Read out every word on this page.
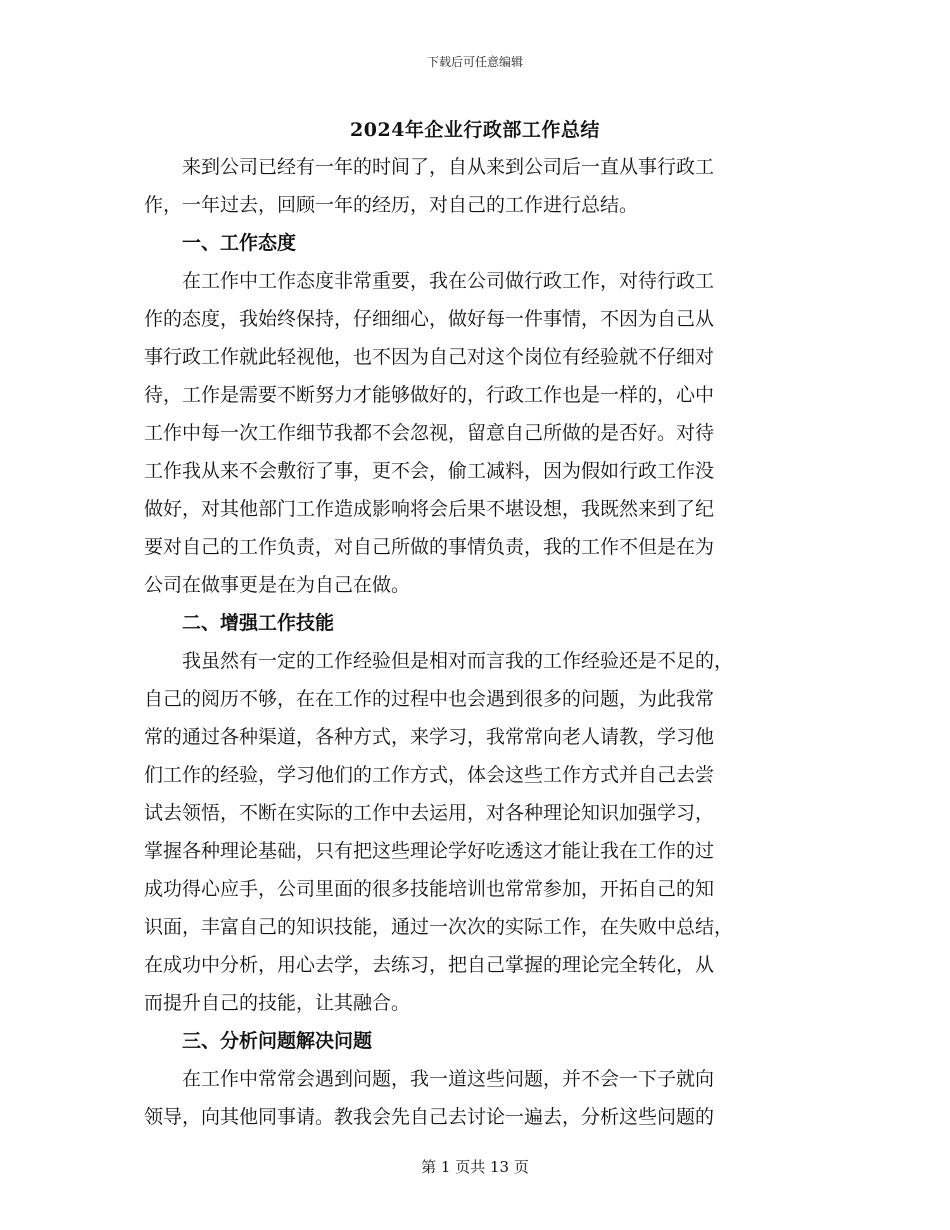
下载后可任意编辑
2024年企业行政部工作总结
　　来到公司已经有一年的时间了，自从来到公司后一直从事行政工
作，一年过去，回顾一年的经历，对自己的工作进行总结。
　　一、工作态度
　　在工作中工作态度非常重要，我在公司做行政工作，对待行政工
作的态度，我始终保持，仔细细心，做好每一件事情，不因为自己从
事行政工作就此轻视他，也不因为自己对这个岗位有经验就不仔细对
待，工作是需要不断努力才能够做好的，行政工作也是一样的，心中
工作中每一次工作细节我都不会忽视，留意自己所做的是否好。对待
工作我从来不会敷衍了事，更不会，偷工减料，因为假如行政工作没
做好，对其他部门工作造成影响将会后果不堪设想，我既然来到了纪
要对自己的工作负责，对自己所做的事情负责，我的工作不但是在为
公司在做事更是在为自己在做。
　　二、增强工作技能
　　我虽然有一定的工作经验但是相对而言我的工作经验还是不足的，
自己的阅历不够，在在工作的过程中也会遇到很多的问题，为此我常
常的通过各种渠道，各种方式，来学习，我常常向老人请教，学习他
们工作的经验，学习他们的工作方式，体会这些工作方式并自己去尝
试去领悟，不断在实际的工作中去运用，对各种理论知识加强学习，
掌握各种理论基础，只有把这些理论学好吃透这才能让我在工作的过
成功得心应手，公司里面的很多技能培训也常常参加，开拓自己的知
识面，丰富自己的知识技能，通过一次次的实际工作，在失败中总结，
在成功中分析，用心去学，去练习，把自己掌握的理论完全转化，从
而提升自己的技能，让其融合。
　　三、分析问题解决问题
　　在工作中常常会遇到问题，我一道这些问题，并不会一下子就向
领导，向其他同事请。教我会先自己去讨论一遍去，分析这些问题的
第 1 页共 13 页
